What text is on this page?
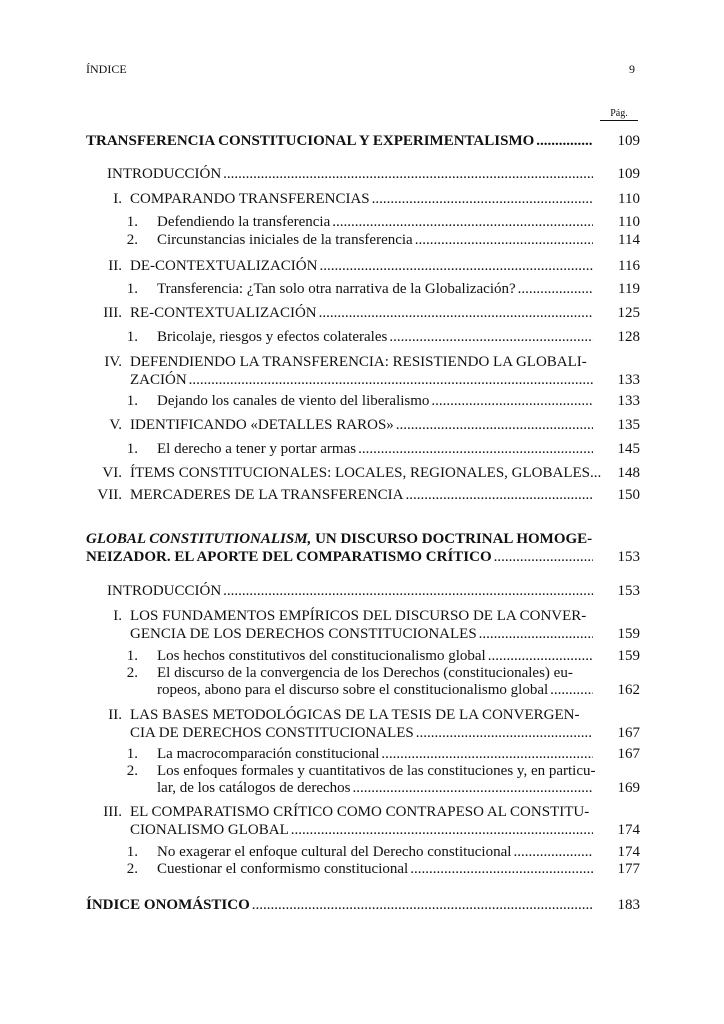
ÍNDICE	9
Pág.
TRANSFERENCIA CONSTITUCIONAL Y EXPERIMENTALISMO .....	109
INTRODUCCIÓN .....	109
I. COMPARANDO TRANSFERENCIAS .....	110
1. Defendiendo la transferencia .....	110
2. Circunstancias iniciales de la transferencia .....	114
II. DE-CONTEXTUALIZACIÓN .....	116
1. Transferencia: ¿Tan solo otra narrativa de la Globalización? .....	119
III. RE-CONTEXTUALIZACIÓN .....	125
1. Bricolaje, riesgos y efectos colaterales .....	128
IV. DEFENDIENDO LA TRANSFERENCIA: RESISTIENDO LA GLOBALI-
ZACIÓN .....	133
1. Dejando los canales de viento del liberalismo .....	133
V. IDENTIFICANDO «DETALLES RAROS» .....	135
1. El derecho a tener y portar armas .....	145
VI. ÍTEMS CONSTITUCIONALES: LOCALES, REGIONALES, GLOBALES...	148
VII. MERCADERES DE LA TRANSFERENCIA .....	150
GLOBAL CONSTITUTIONALISM, UN DISCURSO DOCTRINAL HOMOGE-
NEIZADOR. EL APORTE DEL COMPARATISMO CRÍTICO .....	153
INTRODUCCIÓN .....	153
I. LOS FUNDAMENTOS EMPÍRICOS DEL DISCURSO DE LA CONVER-
GENCIA DE LOS DERECHOS CONSTITUCIONALES .....	159
1. Los hechos constitutivos del constitucionalismo global .....	159
2. El discurso de la convergencia de los Derechos (constitucionales) eu-
ropeos, abono para el discurso sobre el constitucionalismo global .....	162
II. LAS BASES METODOLÓGICAS DE LA TESIS DE LA CONVERGEN-
CIA DE DERECHOS CONSTITUCIONALES .....	167
1. La macrocomparación constitucional .....	167
2. Los enfoques formales y cuantitativos de las constituciones y, en particu-
lar, de los catálogos de derechos .....	169
III. EL COMPARATISMO CRÍTICO COMO CONTRAPESO AL CONSTITU-
CIONALISMO GLOBAL .....	174
1. No exagerar el enfoque cultural del Derecho constitucional .....	174
2. Cuestionar el conformismo constitucional .....	177
ÍNDICE ONOMÁSTICO .....	183
